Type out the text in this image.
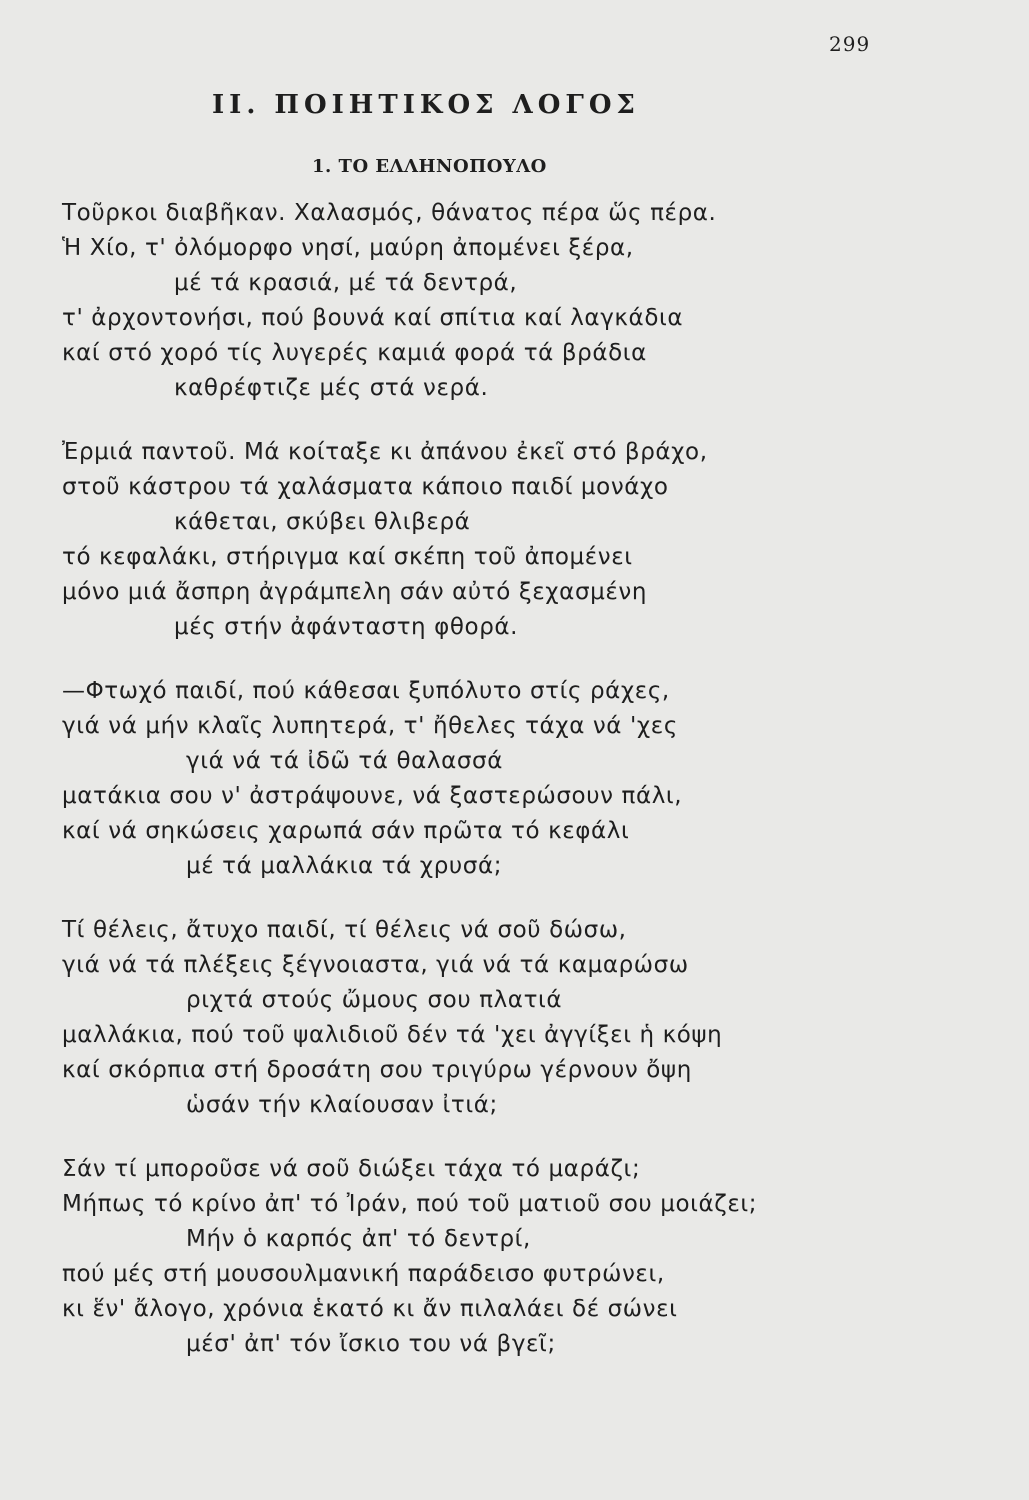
299
II. ΠΟΙΗΤΙΚΟΣ ΛΟΓΟΣ
1. ΤΟ ΕΛΛΗΝΟΠΟΥΛΟ
Τοῦρκοι διαβῆκαν. Χαλασμός, θάνατος πέρα ὥς πέρα.
Ἡ Χίο, τ' ὀλόμορφο νησί, μαύρη ἀπομένει ξέρα,
μέ τά κρασιά, μέ τά δεντρά,
τ' ἀρχοντονήσι, πού βουνά καί σπίτια καί λαγκάδια
καί στό χορό τίς λυγερές καμιά φορά τά βράδια
καθρέφτιζε μές στά νερά.
Ἐρμιά παντοῦ. Μά κοίταξε κι ἀπάνου ἐκεῖ στό βράχο,
στοῦ κάστρου τά χαλάσματα κάποιο παιδί μονάχο
κάθεται, σκύβει θλιβερά
τό κεφαλάκι, στήριγμα καί σκέπη τοῦ ἀπομένει
μόνο μιά ἄσπρη ἀγράμπελη σάν αὐτό ξεχασμένη
μές στήν ἀφάνταστη φθορά.
—Φτωχό παιδί, πού κάθεσαι ξυπόλυτο στίς ράχες,
γιά νά μήν κλαῖς λυπητερά, τ' ἤθελες τάχα νά 'χες
γιά νά τά ἰδῶ τά θαλασσά
ματάκια σου ν' ἀστράψουνε, νά ξαστερώσουν πάλι,
καί νά σηκώσεις χαρωπά σάν πρῶτα τό κεφάλι
μέ τά μαλλάκια τά χρυσά;
Τί θέλεις, ἄτυχο παιδί, τί θέλεις νά σοῦ δώσω,
γιά νά τά πλέξεις ξέγνοιαστα, γιά νά τά καμαρώσω
ριχτά στούς ὤμους σου πλατιά
μαλλάκια, πού τοῦ ψαλιδιοῦ δέν τά 'χει ἀγγίξει ἡ κόψη
καί σκόρπια στή δροσάτη σου τριγύρω γέρνουν ὄψη
ὡσάν τήν κλαίουσαν ἰτιά;
Σάν τί μποροῦσε νά σοῦ διώξει τάχα τό μαράζι;
Μήπως τό κρίνο ἀπ' τό Ἰράν, πού τοῦ ματιοῦ σου μοιάζει;
Μήν ὁ καρπός ἀπ' τό δεντρί,
πού μές στή μουσουλμανική παράδεισο φυτρώνει,
κι ἕν' ἄλογο, χρόνια ἑκατό κι ἄν πιλαλάει δέ σώνει
μέσ' ἀπ' τόν ἴσκιο του νά βγεῖ;
